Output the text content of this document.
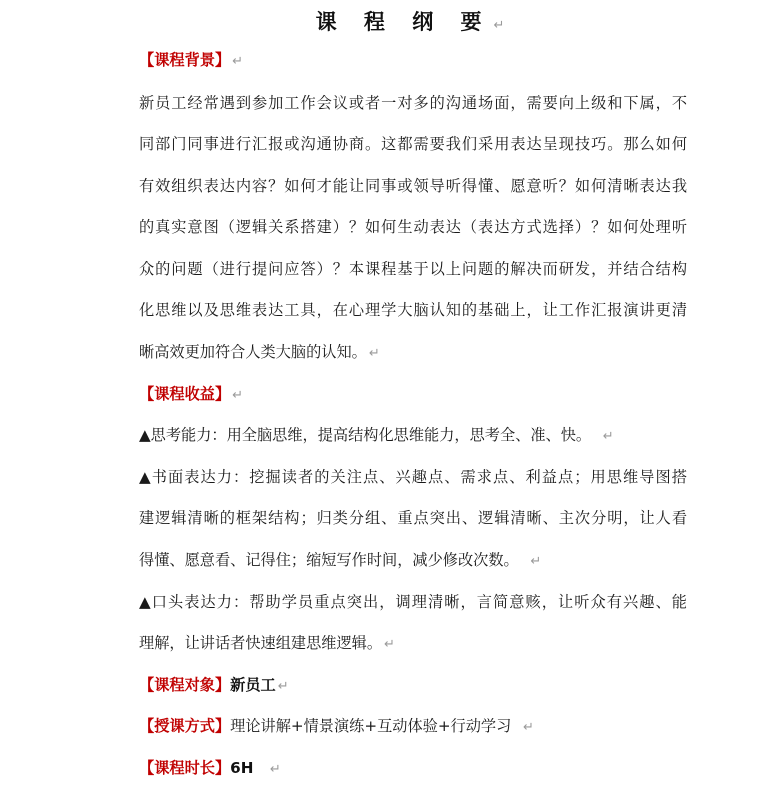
课 程 纲 要 ↵
【课程背景】 ↵
新员工经常遇到参加工作会议或者一对多的沟通场面，需要向上级和下属，不
同部门同事进行汇报或沟通协商。这都需要我们采用表达呈现技巧。那么如何
有效组织表达内容？如何才能让同事或领导听得懂、愿意听？如何清晰表达我
的真实意图（逻辑关系搭建）？如何生动表达（表达方式选择）？如何处理听
众的问题（进行提问应答）？本课程基于以上问题的解决而研发，并结合结构
化思维以及思维表达工具，在心理学大脑认知的基础上，让工作汇报演讲更清
晰高效更加符合人类大脑的认知。 ↵
【课程收益】 ↵
▲思考能力：用全脑思维，提高结构化思维能力，思考全、准、快。 ↵
▲书面表达力：挖掘读者的关注点、兴趣点、需求点、利益点；用思维导图搭
建逻辑清晰的框架结构；归类分组、重点突出、逻辑清晰、主次分明，让人看
得懂、愿意看、记得住；缩短写作时间，减少修改次数。 ↵
▲口头表达力：帮助学员重点突出，调理清晰，言简意赅，让听众有兴趣、能
理解，让讲话者快速组建思维逻辑。 ↵
【课程对象】新员工 ↵
【授课方式】理论讲解+情景演练+互动体验+行动学习 ↵
【课程时长】6H ↵
